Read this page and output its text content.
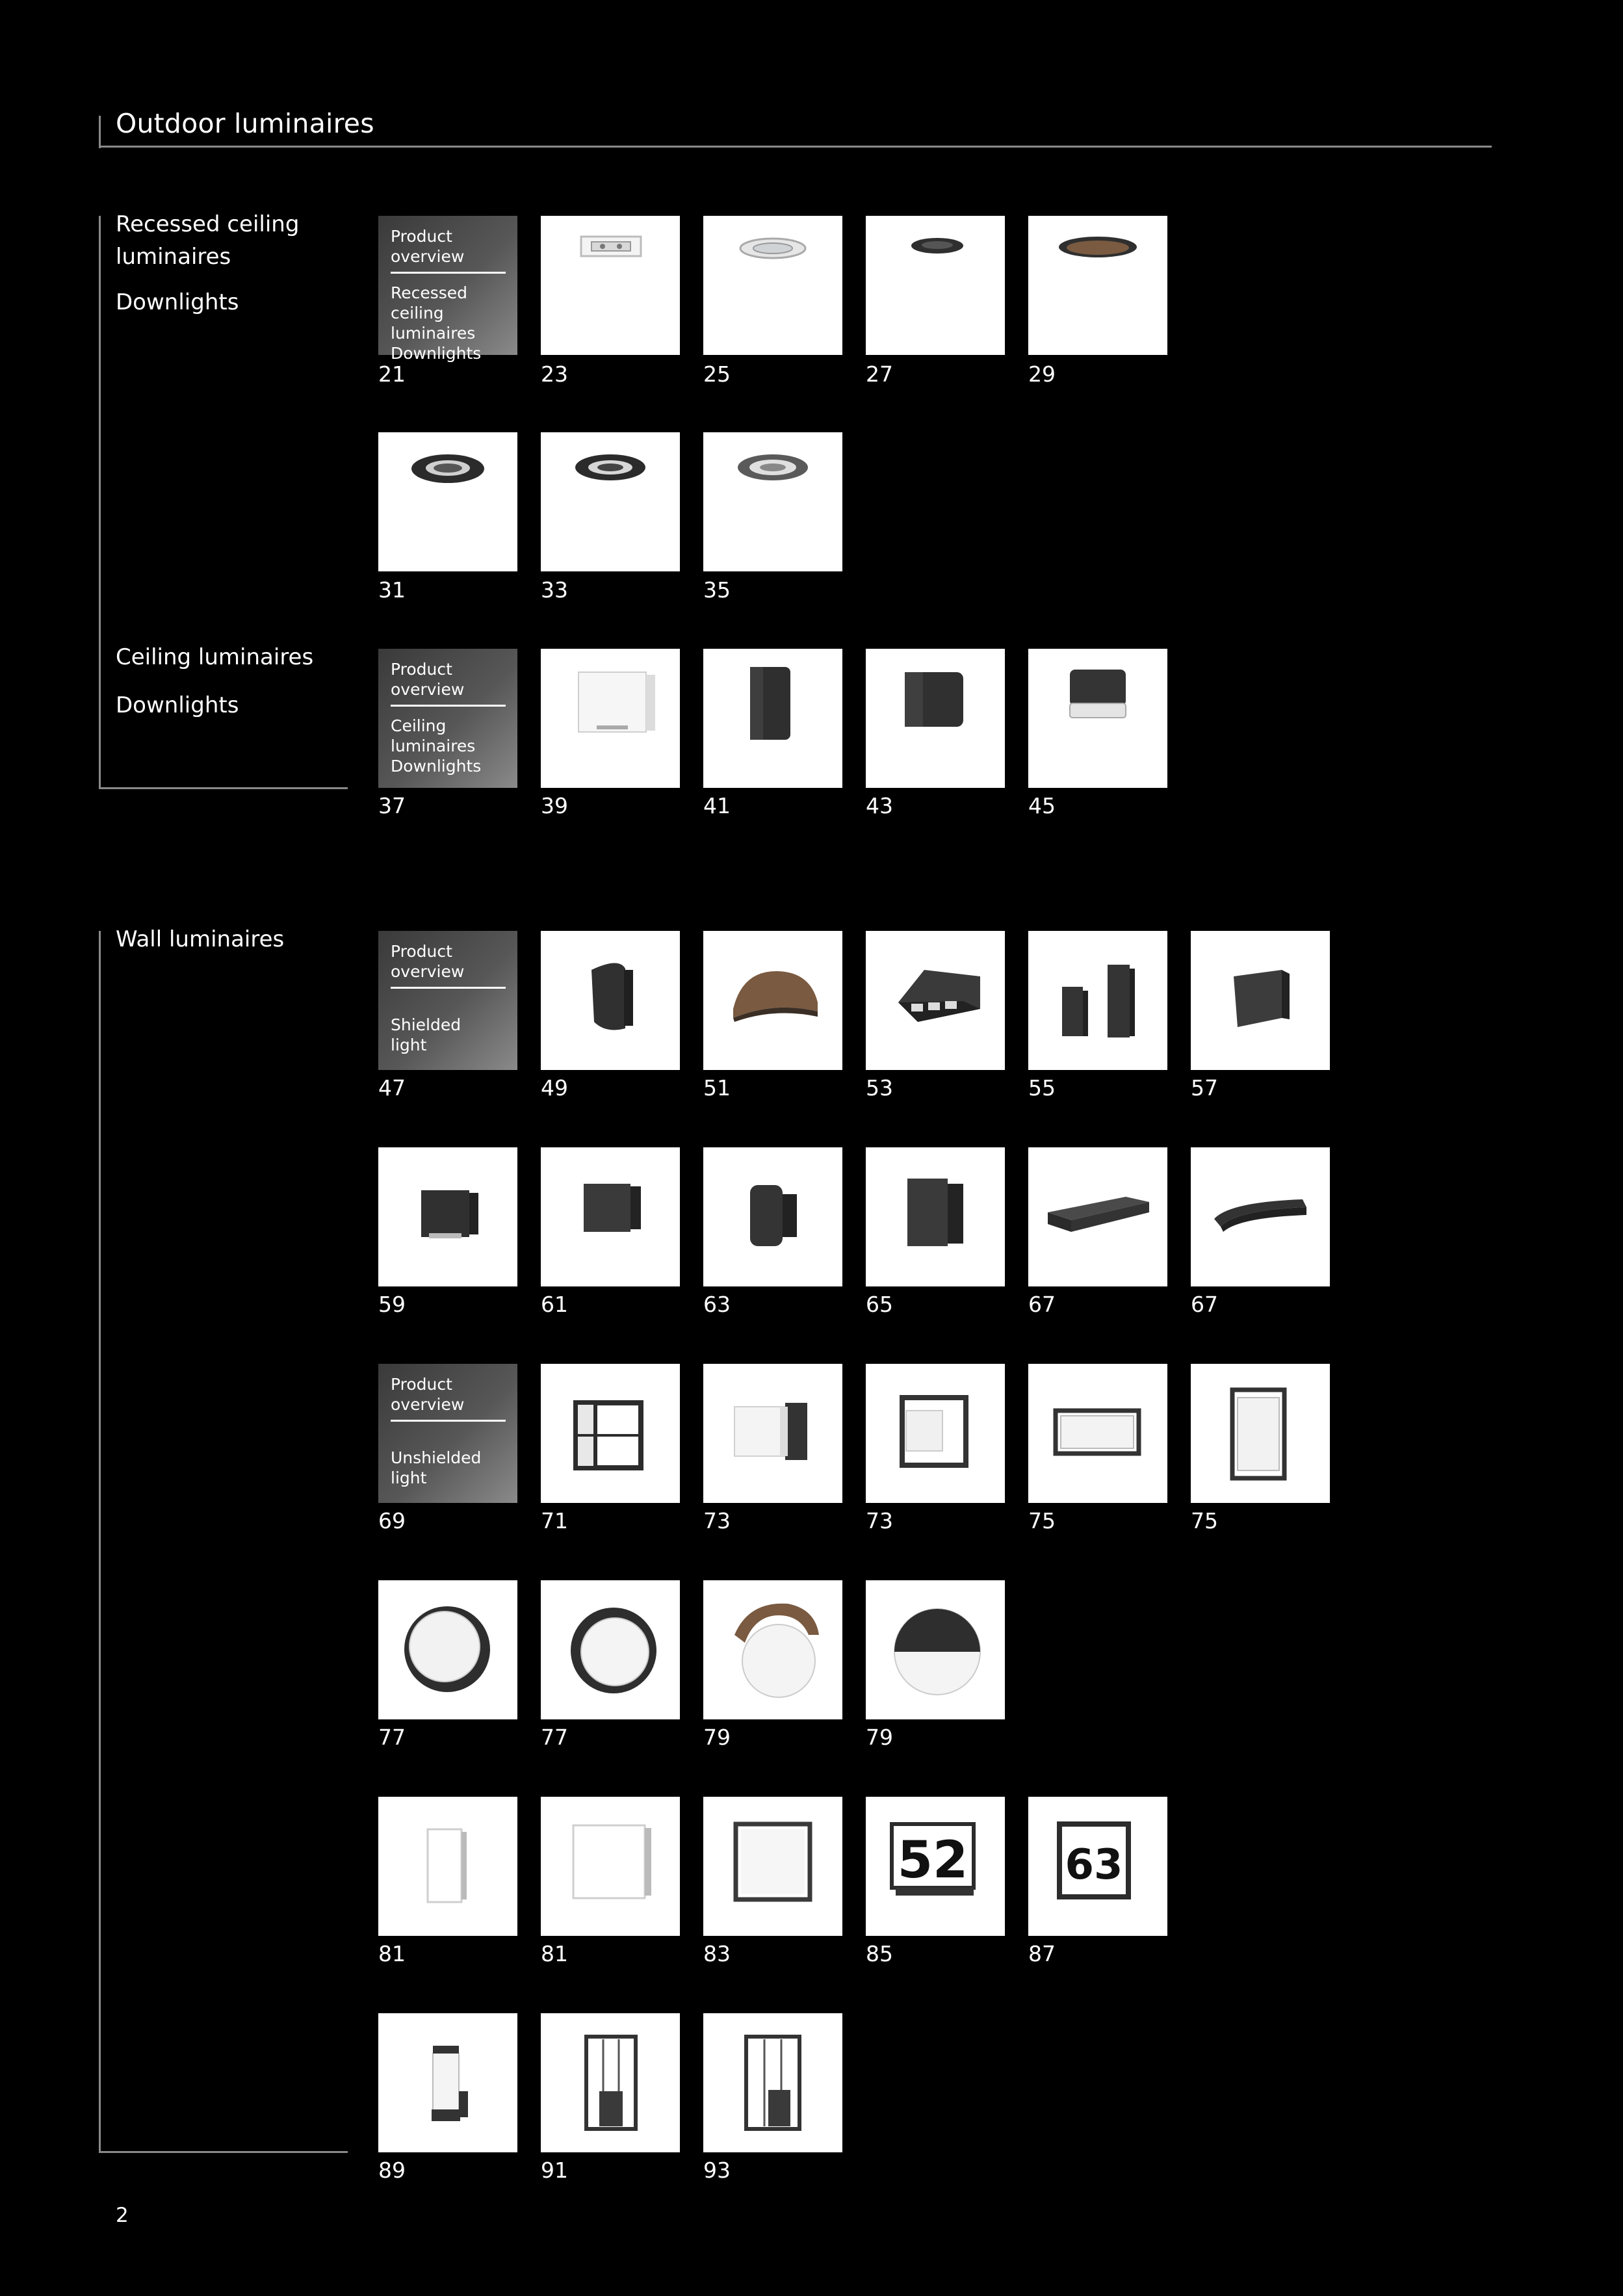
Outdoor luminaires
Recessed ceiling luminaires
Downlights
Ceiling luminaires
Downlights
Wall luminaires
Product overview
Recessed ceiling
luminaires
Downlights
21	23	25	27	29
31	33	35
Product overview
Ceiling
luminaires
Downlights
37	39	41	43	45
Product overview
Shielded
light
47	49	51	53	55	57
59	61	63	65	67	67
Product overview
Unshielded
light
69	71	73	73	75	75
77	77	79	79
52 63
81	81	83	85	87
89	91	93
2
